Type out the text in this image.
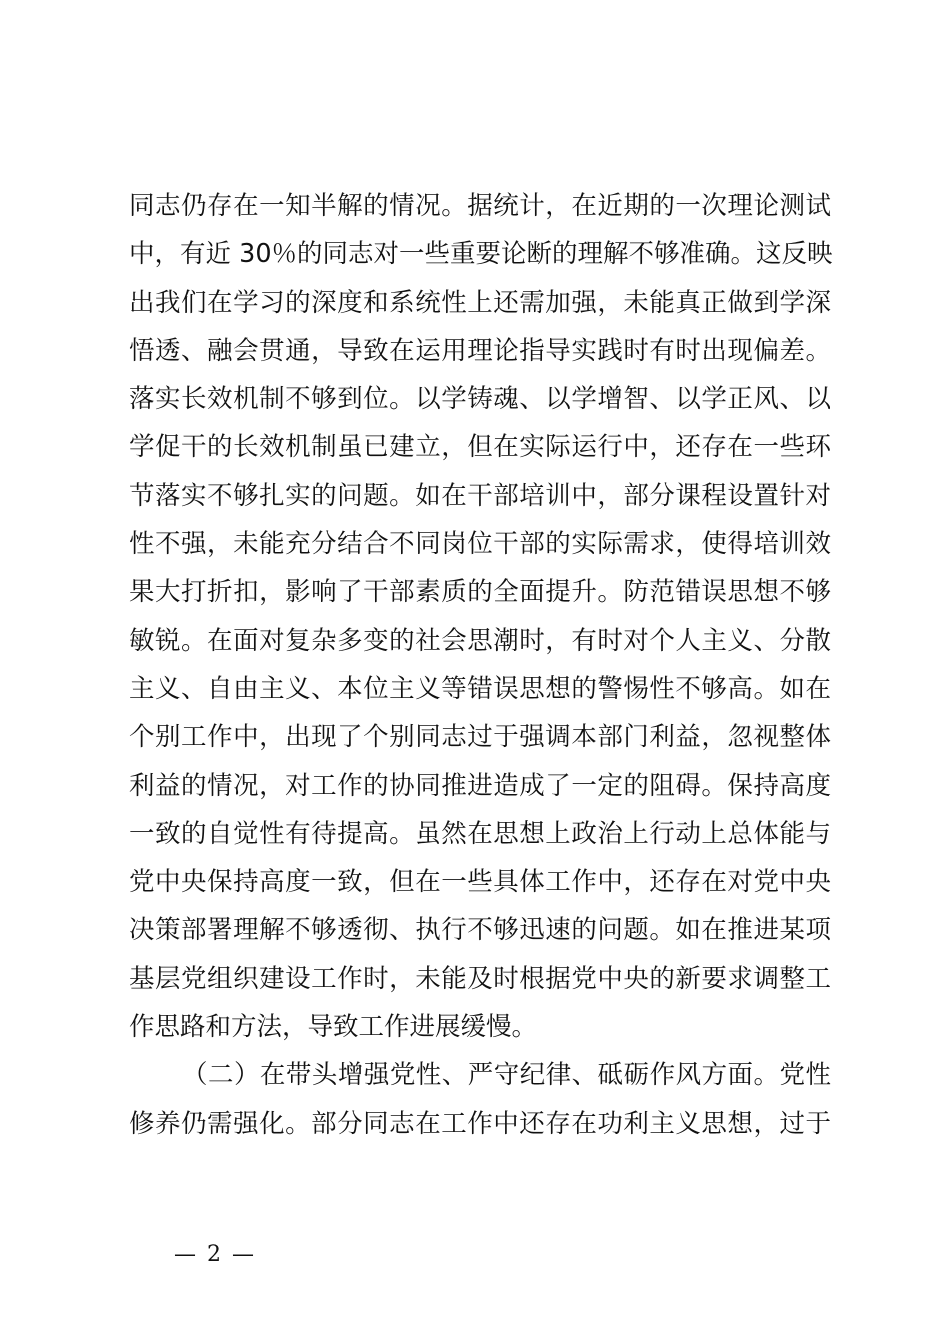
同志仍存在一知半解的情况。据统计，在近期的一次理论测试
中，有近 30％的同志对一些重要论断的理解不够准确。这反映
出我们在学习的深度和系统性上还需加强，未能真正做到学深
悟透、融会贯通，导致在运用理论指导实践时有时出现偏差。
落实长效机制不够到位。以学铸魂、以学增智、以学正风、以
学促干的长效机制虽已建立，但在实际运行中，还存在一些环
节落实不够扎实的问题。如在干部培训中，部分课程设置针对
性不强，未能充分结合不同岗位干部的实际需求，使得培训效
果大打折扣，影响了干部素质的全面提升。防范错误思想不够
敏锐。在面对复杂多变的社会思潮时，有时对个人主义、分散
主义、自由主义、本位主义等错误思想的警惕性不够高。如在
个别工作中，出现了个别同志过于强调本部门利益，忽视整体
利益的情况，对工作的协同推进造成了一定的阻碍。保持高度
一致的自觉性有待提高。虽然在思想上政治上行动上总体能与
党中央保持高度一致，但在一些具体工作中，还存在对党中央
决策部署理解不够透彻、执行不够迅速的问题。如在推进某项
基层党组织建设工作时，未能及时根据党中央的新要求调整工
作思路和方法，导致工作进展缓慢。
（二）在带头增强党性、严守纪律、砥砺作风方面。党性
修养仍需强化。部分同志在工作中还存在功利主义思想，过于
— 2 —
